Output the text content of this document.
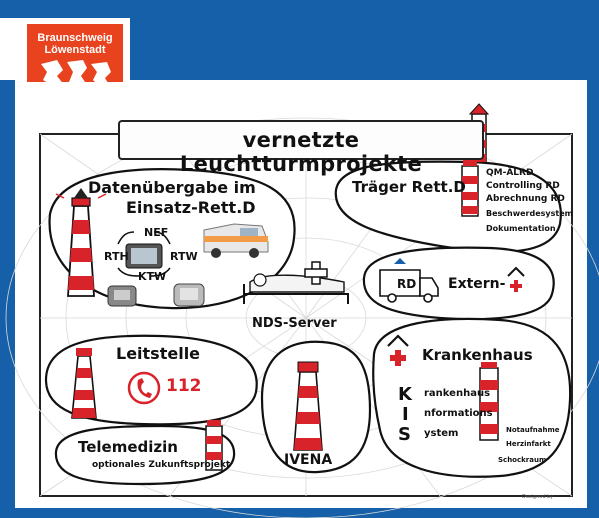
Braunschweig
Löwenstadt
vernetzte Leuchtturmprojekte
Datenübergabe im
Einsatz-Rett.D
NEF
RTH	RTW
KTW
Träger Rett.D
QM-ÄLRD
Controlling RD
Abrechnung RD
Beschwerdesystem
Dokumentation
RD Extern-
NDS-Server
Leitstelle
112
IVENA
Krankenhaus
K rankenhaus
I nformations
S ystem	Notaufnahme
Herzinfarkt
Schockraum
Telemedizin
optionales Zukunftsprojekt
Designed by
